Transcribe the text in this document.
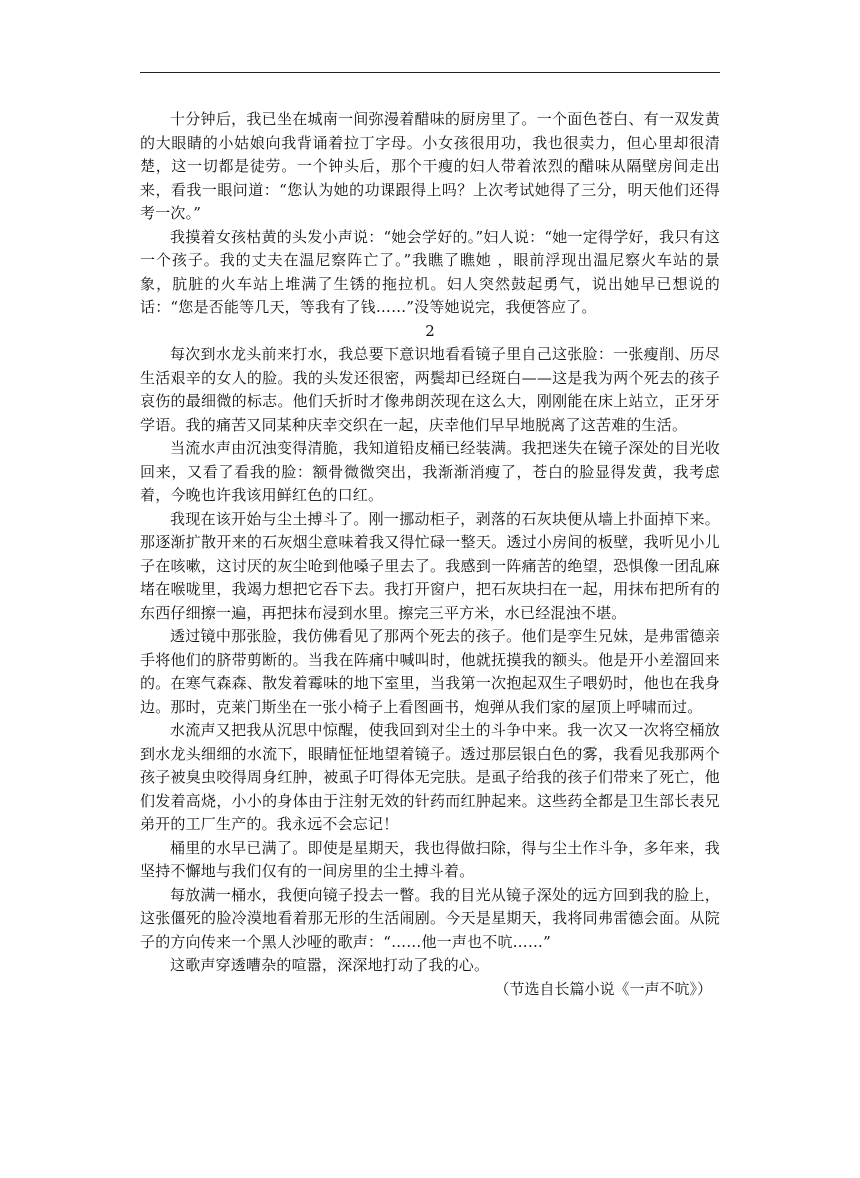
十分钟后，我已坐在城南一间弥漫着醋味的厨房里了。一个面色苍白、有一双发黄的大眼睛的小姑娘向我背诵着拉丁字母。小女孩很用功，我也很卖力，但心里却很清楚，这一切都是徒劳。一个钟头后，那个干瘦的妇人带着浓烈的醋味从隔壁房间走出来，看我一眼问道：“您认为她的功课跟得上吗？上次考试她得了三分，明天他们还得考一次。”

我摸着女孩枯黄的头发小声说：“她会学好的。”妇人说：“她一定得学好，我只有这一个孩子。我的丈夫在温尼察阵亡了。”我瞧了瞧她 ，眼前浮现出温尼察火车站的景象，肮脏的火车站上堆满了生锈的拖拉机。妇人突然鼓起勇气，说出她早已想说的话：“您是否能等几天，等我有了钱……”没等她说完，我便答应了。

2

每次到水龙头前来打水，我总要下意识地看看镜子里自己这张脸：一张瘦削、历尽生活艰辛的女人的脸。我的头发还很密，两鬓却已经斑白——这是我为两个死去的孩子哀伤的最细微的标志。他们夭折时才像弗朗茨现在这么大，刚刚能在床上站立，正牙牙学语。我的痛苦又同某种庆幸交织在一起，庆幸他们早早地脱离了这苦难的生活。

当流水声由沉浊变得清脆，我知道铅皮桶已经装满。我把迷失在镜子深处的目光收回来，又看了看我的脸：额骨微微突出，我渐渐消瘦了，苍白的脸显得发黄，我考虑着，今晚也许我该用鲜红色的口红。

我现在该开始与尘土搏斗了。刚一挪动柜子，剥落的石灰块便从墙上扑面掉下来。那逐渐扩散开来的石灰烟尘意味着我又得忙碌一整天。透过小房间的板壁，我听见小儿子在咳嗽，这讨厌的灰尘呛到他嗓子里去了。我感到一阵痛苦的绝望，恐惧像一团乱麻堵在喉咙里，我竭力想把它吞下去。我打开窗户，把石灰块扫在一起，用抹布把所有的东西仔细擦一遍，再把抹布浸到水里。擦完三平方米，水已经混浊不堪。

透过镜中那张脸，我仿佛看见了那两个死去的孩子。他们是孪生兄妹，是弗雷德亲手将他们的脐带剪断的。当我在阵痛中喊叫时，他就抚摸我的额头。他是开小差溜回来的。在寒气森森、散发着霉味的地下室里，当我第一次抱起双生子喂奶时，他也在我身边。那时，克莱门斯坐在一张小椅子上看图画书，炮弹从我们家的屋顶上呼啸而过。

水流声又把我从沉思中惊醒，使我回到对尘土的斗争中来。我一次又一次将空桶放到水龙头细细的水流下，眼睛怔怔地望着镜子。透过那层银白色的雾，我看见我那两个孩子被臭虫咬得周身红肿，被虱子叮得体无完肤。是虱子给我的孩子们带来了死亡，他们发着高烧，小小的身体由于注射无效的针药而红肿起来。这些药全都是卫生部长表兄弟开的工厂生产的。我永远不会忘记！

桶里的水早已满了。即使是星期天，我也得做扫除，得与尘土作斗争，多年来，我坚持不懈地与我们仅有的一间房里的尘土搏斗着。

每放满一桶水，我便向镜子投去一瞥。我的目光从镜子深处的远方回到我的脸上，这张僵死的脸冷漠地看着那无形的生活闹剧。今天是星期天，我将同弗雷德会面。从院子的方向传来一个黑人沙哑的歌声：“……他一声也不吭……”

这歌声穿透嘈杂的喧嚣，深深地打动了我的心。

（节选自长篇小说《一声不吭》）
